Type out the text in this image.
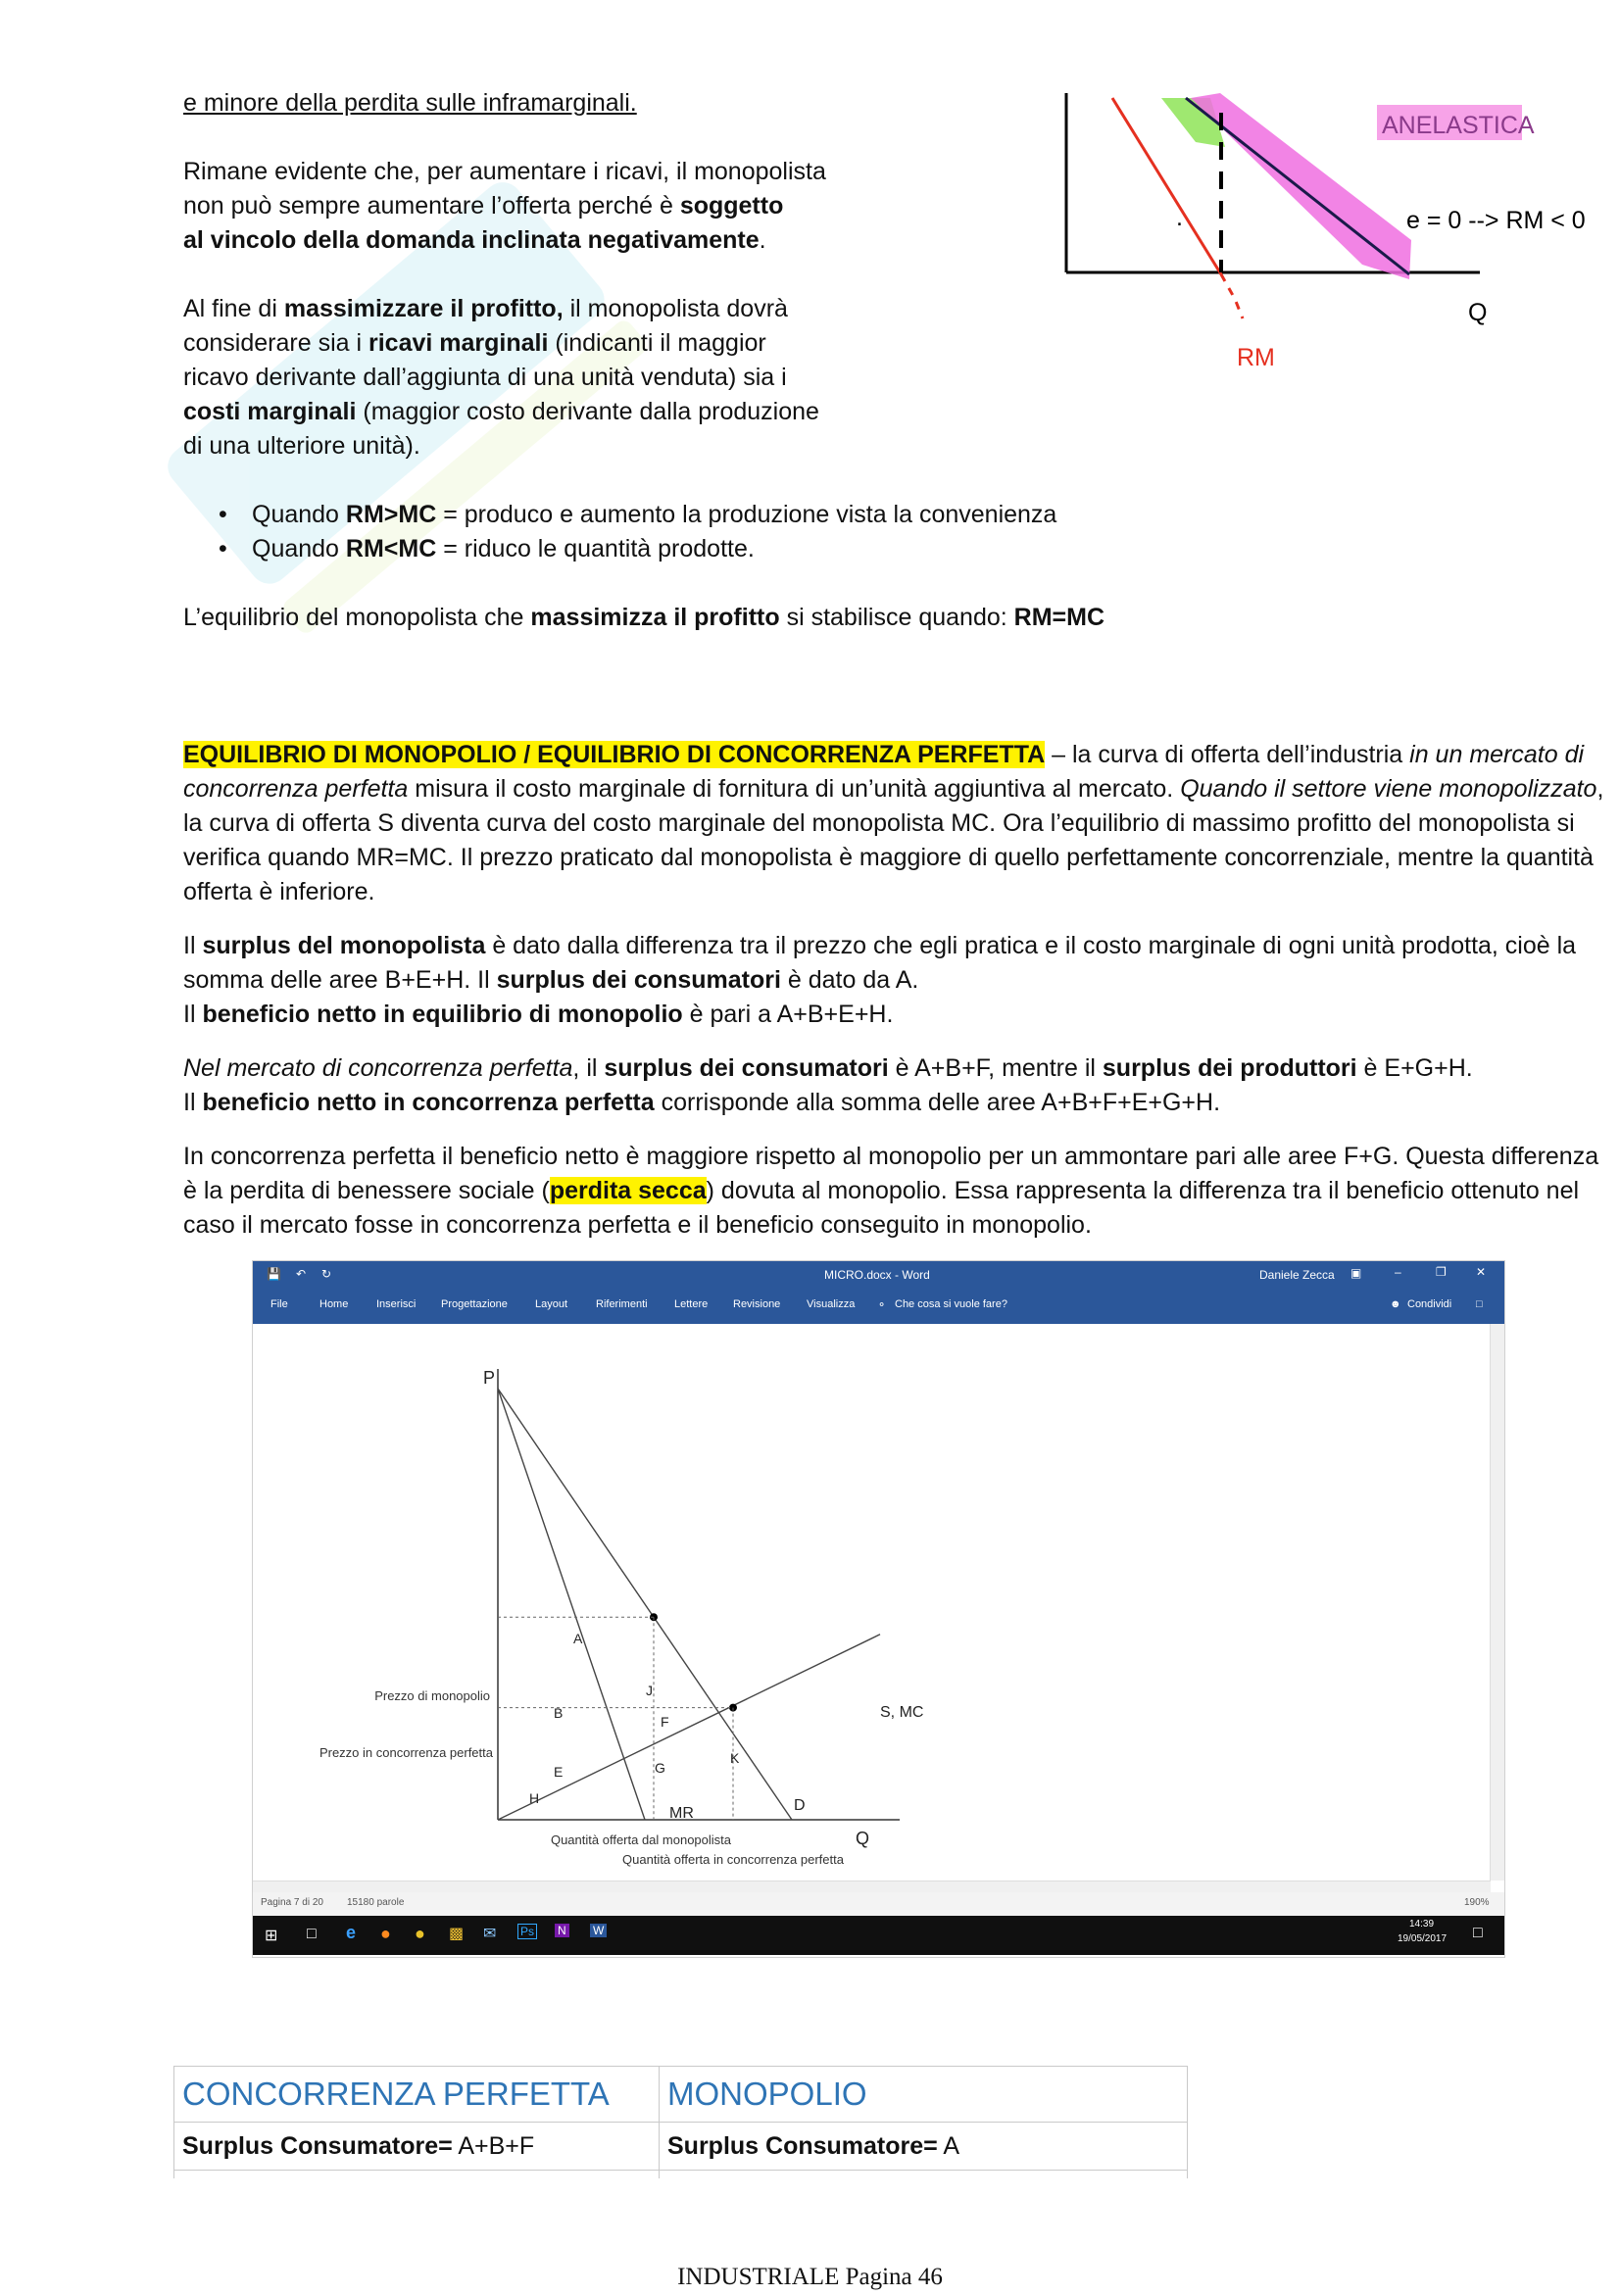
e minore della perdita sulle inframarginali.

Rimane evidente che, per aumentare i ricavi, il monopolista

non può sempre aumentare l’offerta perché è soggetto

al vincolo della domanda inclinata negativamente.

Al fine di massimizzare il profitto, il monopolista dovrà

considerare sia i ricavi marginali (indicanti il maggior

ricavo derivante dall’aggiunta di una unità venduta) sia i

costi marginali (maggior costo derivante dalla produzione

di una ulteriore unità).

.
ANELASTICA
e = 0 --> RM < 0
Q
RM
• Quando RM>MC = produco e aumento la produzione vista la convenienza
• Quando RM<MC = riduco le quantità prodotte.

L’equilibrio del monopolista che massimizza il profitto si stabilisce quando: RM=MC

EQUILIBRIO DI MONOPOLIO / EQUILIBRIO DI CONCORRENZA PERFETTA – la curva di offerta dell’industria in un mercato di concorrenza perfetta misura il costo marginale di fornitura di un’unità aggiuntiva al mercato. Quando il settore viene monopolizzato, la curva di offerta S diventa curva del costo marginale del monopolista MC. Ora l’equilibrio di massimo profitto del monopolista si verifica quando MR=MC. Il prezzo praticato dal monopolista è maggiore di quello perfettamente concorrenziale, mentre la quantità offerta è inferiore.

Il surplus del monopolista è dato dalla differenza tra il prezzo che egli pratica e il costo marginale di ogni unità prodotta, cioè la somma delle aree B+E+H. Il surplus dei consumatori è dato da A.
Il beneficio netto in equilibrio di monopolio è pari a A+B+E+H.

Nel mercato di concorrenza perfetta, il surplus dei consumatori è A+B+F, mentre il surplus dei produttori è E+G+H.
Il beneficio netto in concorrenza perfetta corrisponde alla somma delle aree A+B+F+E+G+H.

In concorrenza perfetta il beneficio netto è maggiore rispetto al monopolio per un ammontare pari alle aree F+G. Questa differenza è la perdita di benessere sociale (perdita secca) dovuta al monopolio. Essa rappresenta la differenza tra il beneficio ottenuto nel caso il mercato fosse in concorrenza perfetta e il beneficio conseguito in monopolio.

💾 ↶ ↻	MICRO.docx - Word	Daniele Zecca ▣	–	❐	✕
File	Home	Inserisci Progettazione	Layout	Riferimenti Lettere Revisione Visualizza ⚬ Che cosa si vuole fare?	☻ Condividi □
P
Q
MR	D
S, MC
A
B
F
E	G
H
J
K
Prezzo di monopolio
Prezzo in concorrenza perfetta
Quantità offerta dal monopolista
Quantità offerta in concorrenza perfetta
Pagina 7 di 20 15180 parole	190%
⊞ □ e ● ● ▩ ✉ Ps N W	14:39
19/05/2017 □
CONCORRENZA PERFETTA	MONOPOLIO
Surplus Consumatore= A+B+F	Surplus Consumatore= A

INDUSTRIALE Pagina 46
